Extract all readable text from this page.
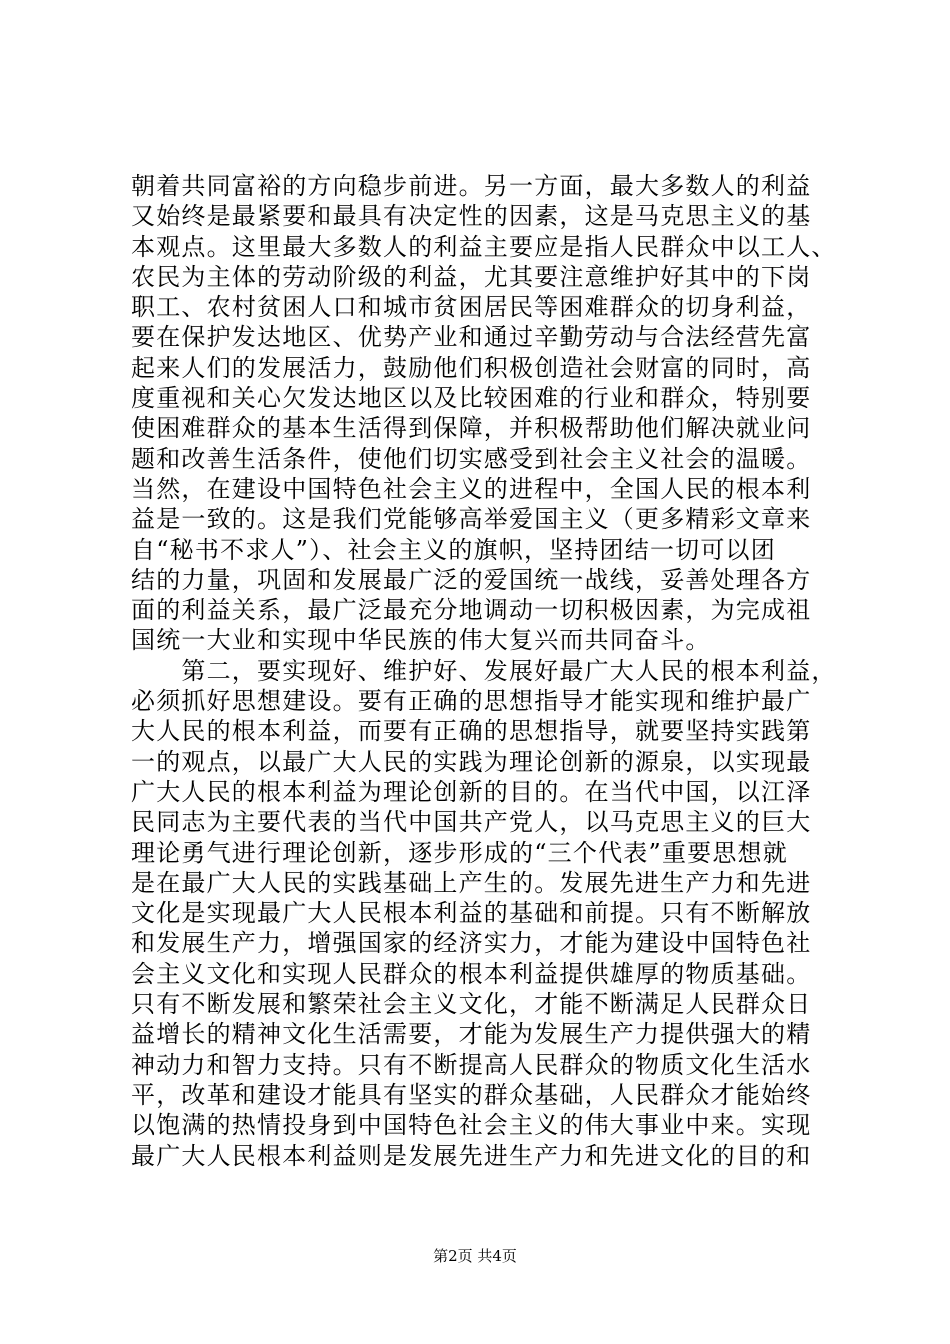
朝着共同富裕的方向稳步前进。另一方面，最大多数人的利益
又始终是最紧要和最具有决定性的因素，这是马克思主义的基
本观点。这里最大多数人的利益主要应是指人民群众中以工人、
农民为主体的劳动阶级的利益，尤其要注意维护好其中的下岗
职工、农村贫困人口和城市贫困居民等困难群众的切身利益，
要在保护发达地区、优势产业和通过辛勤劳动与合法经营先富
起来人们的发展活力，鼓励他们积极创造社会财富的同时，高
度重视和关心欠发达地区以及比较困难的行业和群众，特别要
使困难群众的基本生活得到保障，并积极帮助他们解决就业问
题和改善生活条件，使他们切实感受到社会主义社会的温暖。
当然，在建设中国特色社会主义的进程中，全国人民的根本利
益是一致的。这是我们党能够高举爱国主义（更多精彩文章来
自“秘书不求人”）、社会主义的旗帜，坚持团结一切可以团
结的力量，巩固和发展最广泛的爱国统一战线，妥善处理各方
面的利益关系，最广泛最充分地调动一切积极因素，为完成祖
国统一大业和实现中华民族的伟大复兴而共同奋斗。
　　第二，要实现好、维护好、发展好最广大人民的根本利益，
必须抓好思想建设。要有正确的思想指导才能实现和维护最广
大人民的根本利益，而要有正确的思想指导，就要坚持实践第
一的观点，以最广大人民的实践为理论创新的源泉，以实现最
广大人民的根本利益为理论创新的目的。在当代中国，以江泽
民同志为主要代表的当代中国共产党人，以马克思主义的巨大
理论勇气进行理论创新，逐步形成的“三个代表”重要思想就
是在最广大人民的实践基础上产生的。发展先进生产力和先进
文化是实现最广大人民根本利益的基础和前提。只有不断解放
和发展生产力，增强国家的经济实力，才能为建设中国特色社
会主义文化和实现人民群众的根本利益提供雄厚的物质基础。
只有不断发展和繁荣社会主义文化，才能不断满足人民群众日
益增长的精神文化生活需要，才能为发展生产力提供强大的精
神动力和智力支持。只有不断提高人民群众的物质文化生活水
平，改革和建设才能具有坚实的群众基础，人民群众才能始终
以饱满的热情投身到中国特色社会主义的伟大事业中来。实现
最广大人民根本利益则是发展先进生产力和先进文化的目的和
第2页 共4页
